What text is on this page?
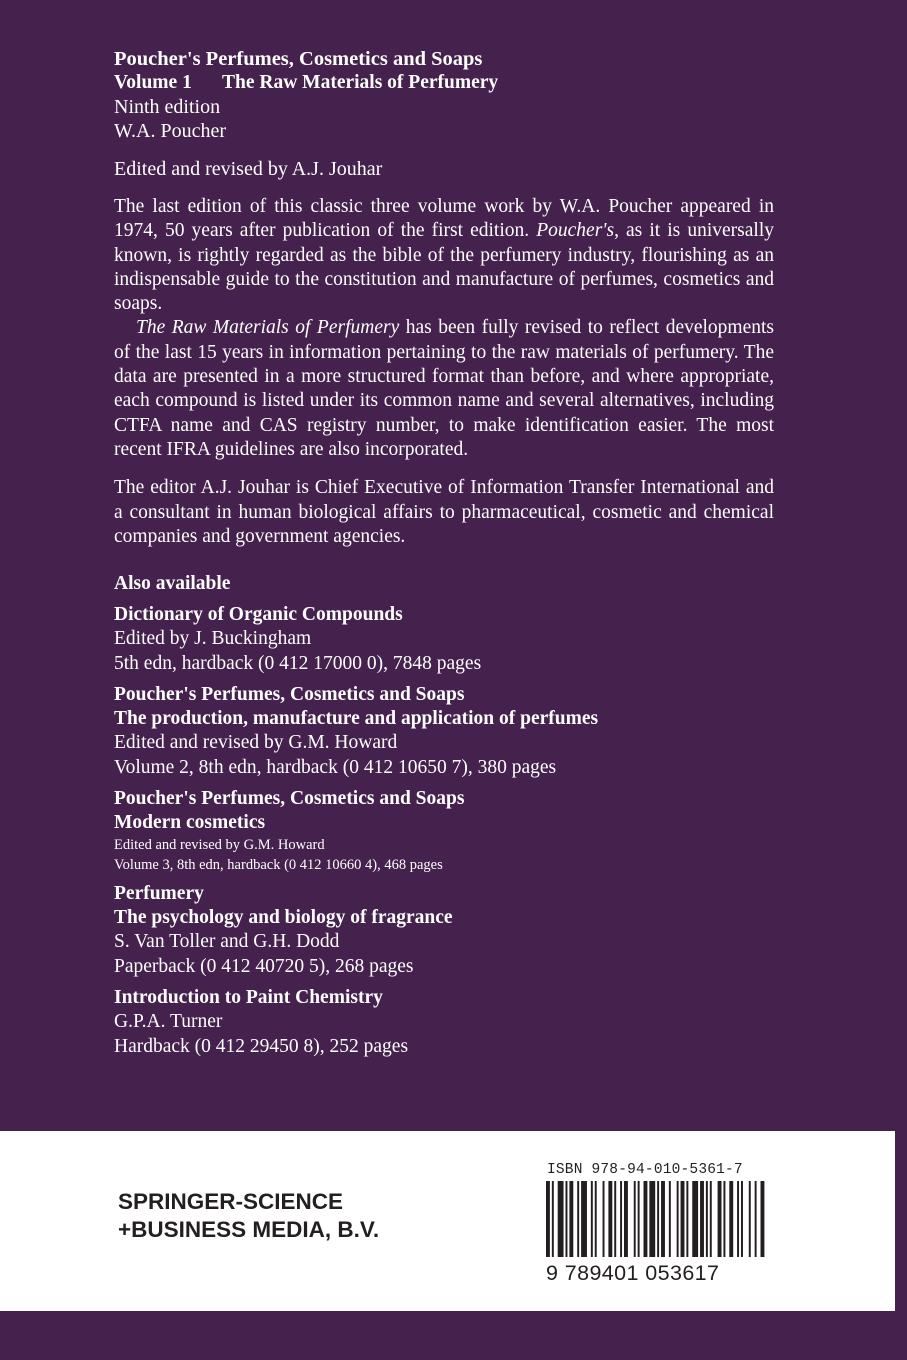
Poucher's Perfumes, Cosmetics and Soaps
Volume 1 The Raw Materials of Perfumery
Ninth edition
W.A. Poucher
Edited and revised by A.J. Jouhar

The last edition of this classic three volume work by W.A. Poucher appeared in 1974, 50 years after publication of the first edition. Poucher's, as it is universally known, is rightly regarded as the bible of the perfumery industry, flourishing as an indispensable guide to the constitution and manufacture of perfumes, cosmetics and soaps.

The Raw Materials of Perfumery has been fully revised to reflect developments of the last 15 years in information pertaining to the raw materials of perfumery. The data are presented in a more structured format than before, and where appropriate, each compound is listed under its common name and several alternatives, including CTFA name and CAS registry number, to make identification easier. The most recent IFRA guidelines are also incorporated.

The editor A.J. Jouhar is Chief Executive of Information Transfer International and a consultant in human biological affairs to pharmaceutical, cosmetic and chemical companies and government agencies.

Also available
Dictionary of Organic Compounds
Edited by J. Buckingham
5th edn, hardback (0 412 17000 0), 7848 pages
Poucher's Perfumes, Cosmetics and Soaps
The production, manufacture and application of perfumes
Edited and revised by G.M. Howard
Volume 2, 8th edn, hardback (0 412 10650 7), 380 pages
Poucher's Perfumes, Cosmetics and Soaps
Modern cosmetics
Edited and revised by G.M. Howard
Volume 3, 8th edn, hardback (0 412 10660 4), 468 pages
Perfumery
The psychology and biology of fragrance
S. Van Toller and G.H. Dodd
Paperback (0 412 40720 5), 268 pages
Introduction to Paint Chemistry
G.P.A. Turner
Hardback (0 412 29450 8), 252 pages
SPRINGER-SCIENCE
+BUSINESS MEDIA, B.V.
ISBN 978-94-010-5361-7
9 789401 053617
